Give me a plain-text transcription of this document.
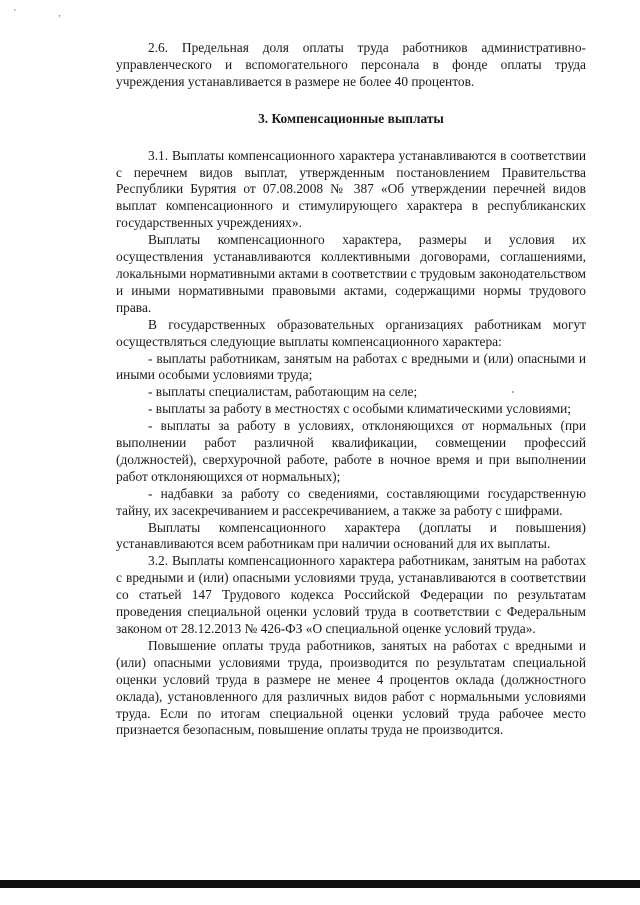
' ,

2.6. Предельная доля оплаты труда работников административно-управленческого и вспомогательного персонала в фонде оплаты труда учреждения устанавливается в размере не более 40 процентов.

3. Компенсационные выплаты

3.1. Выплаты компенсационного характера устанавливаются в соответствии с перечнем видов выплат, утвержденным постановлением Правительства Республики Бурятия от 07.08.2008 № 387 «Об утверждении перечней видов выплат компенсационного и стимулирующего характера в республиканских государственных учреждениях».

Выплаты компенсационного характера, размеры и условия их осуществления устанавливаются коллективными договорами, соглашениями, локальными нормативными актами в соответствии с трудовым законодательством и иными нормативными правовыми актами, содержащими нормы трудового права.

В государственных образовательных организациях работникам могут осуществляться следующие выплаты компенсационного характера:

- выплаты работникам, занятым на работах с вредными и (или) опасными и иными особыми условиями труда;

- выплаты специалистам, работающим на селе;

- выплаты за работу в местностях с особыми климатическими условиями;

- выплаты за работу в условиях, отклоняющихся от нормальных (при выполнении работ различной квалификации, совмещении профессий (должностей), сверхурочной работе, работе в ночное время и при выполнении работ отклоняющихся от нормальных);

- надбавки за работу со сведениями, составляющими государственную тайну, их засекречиванием и рассекречиванием, а также за работу с шифрами.

Выплаты компенсационного характера (доплаты и повышения) устанавливаются всем работникам при наличии оснований для их выплаты.

3.2. Выплаты компенсационного характера работникам, занятым на работах с вредными и (или) опасными условиями труда, устанавливаются в соответствии со статьей 147 Трудового кодекса Российской Федерации по результатам проведения специальной оценки условий труда в соответствии с Федеральным законом от 28.12.2013 № 426-ФЗ «О специальной оценке условий труда».

Повышение оплаты труда работников, занятых на работах с вредными и (или) опасными условиями труда, производится по результатам специальной оценки условий труда в размере не менее 4 процентов оклада (должностного оклада), установленного для различных видов работ с нормальными условиями труда. Если по итогам специальной оценки условий труда рабочее место признается безопасным, повышение оплаты труда не производится.
